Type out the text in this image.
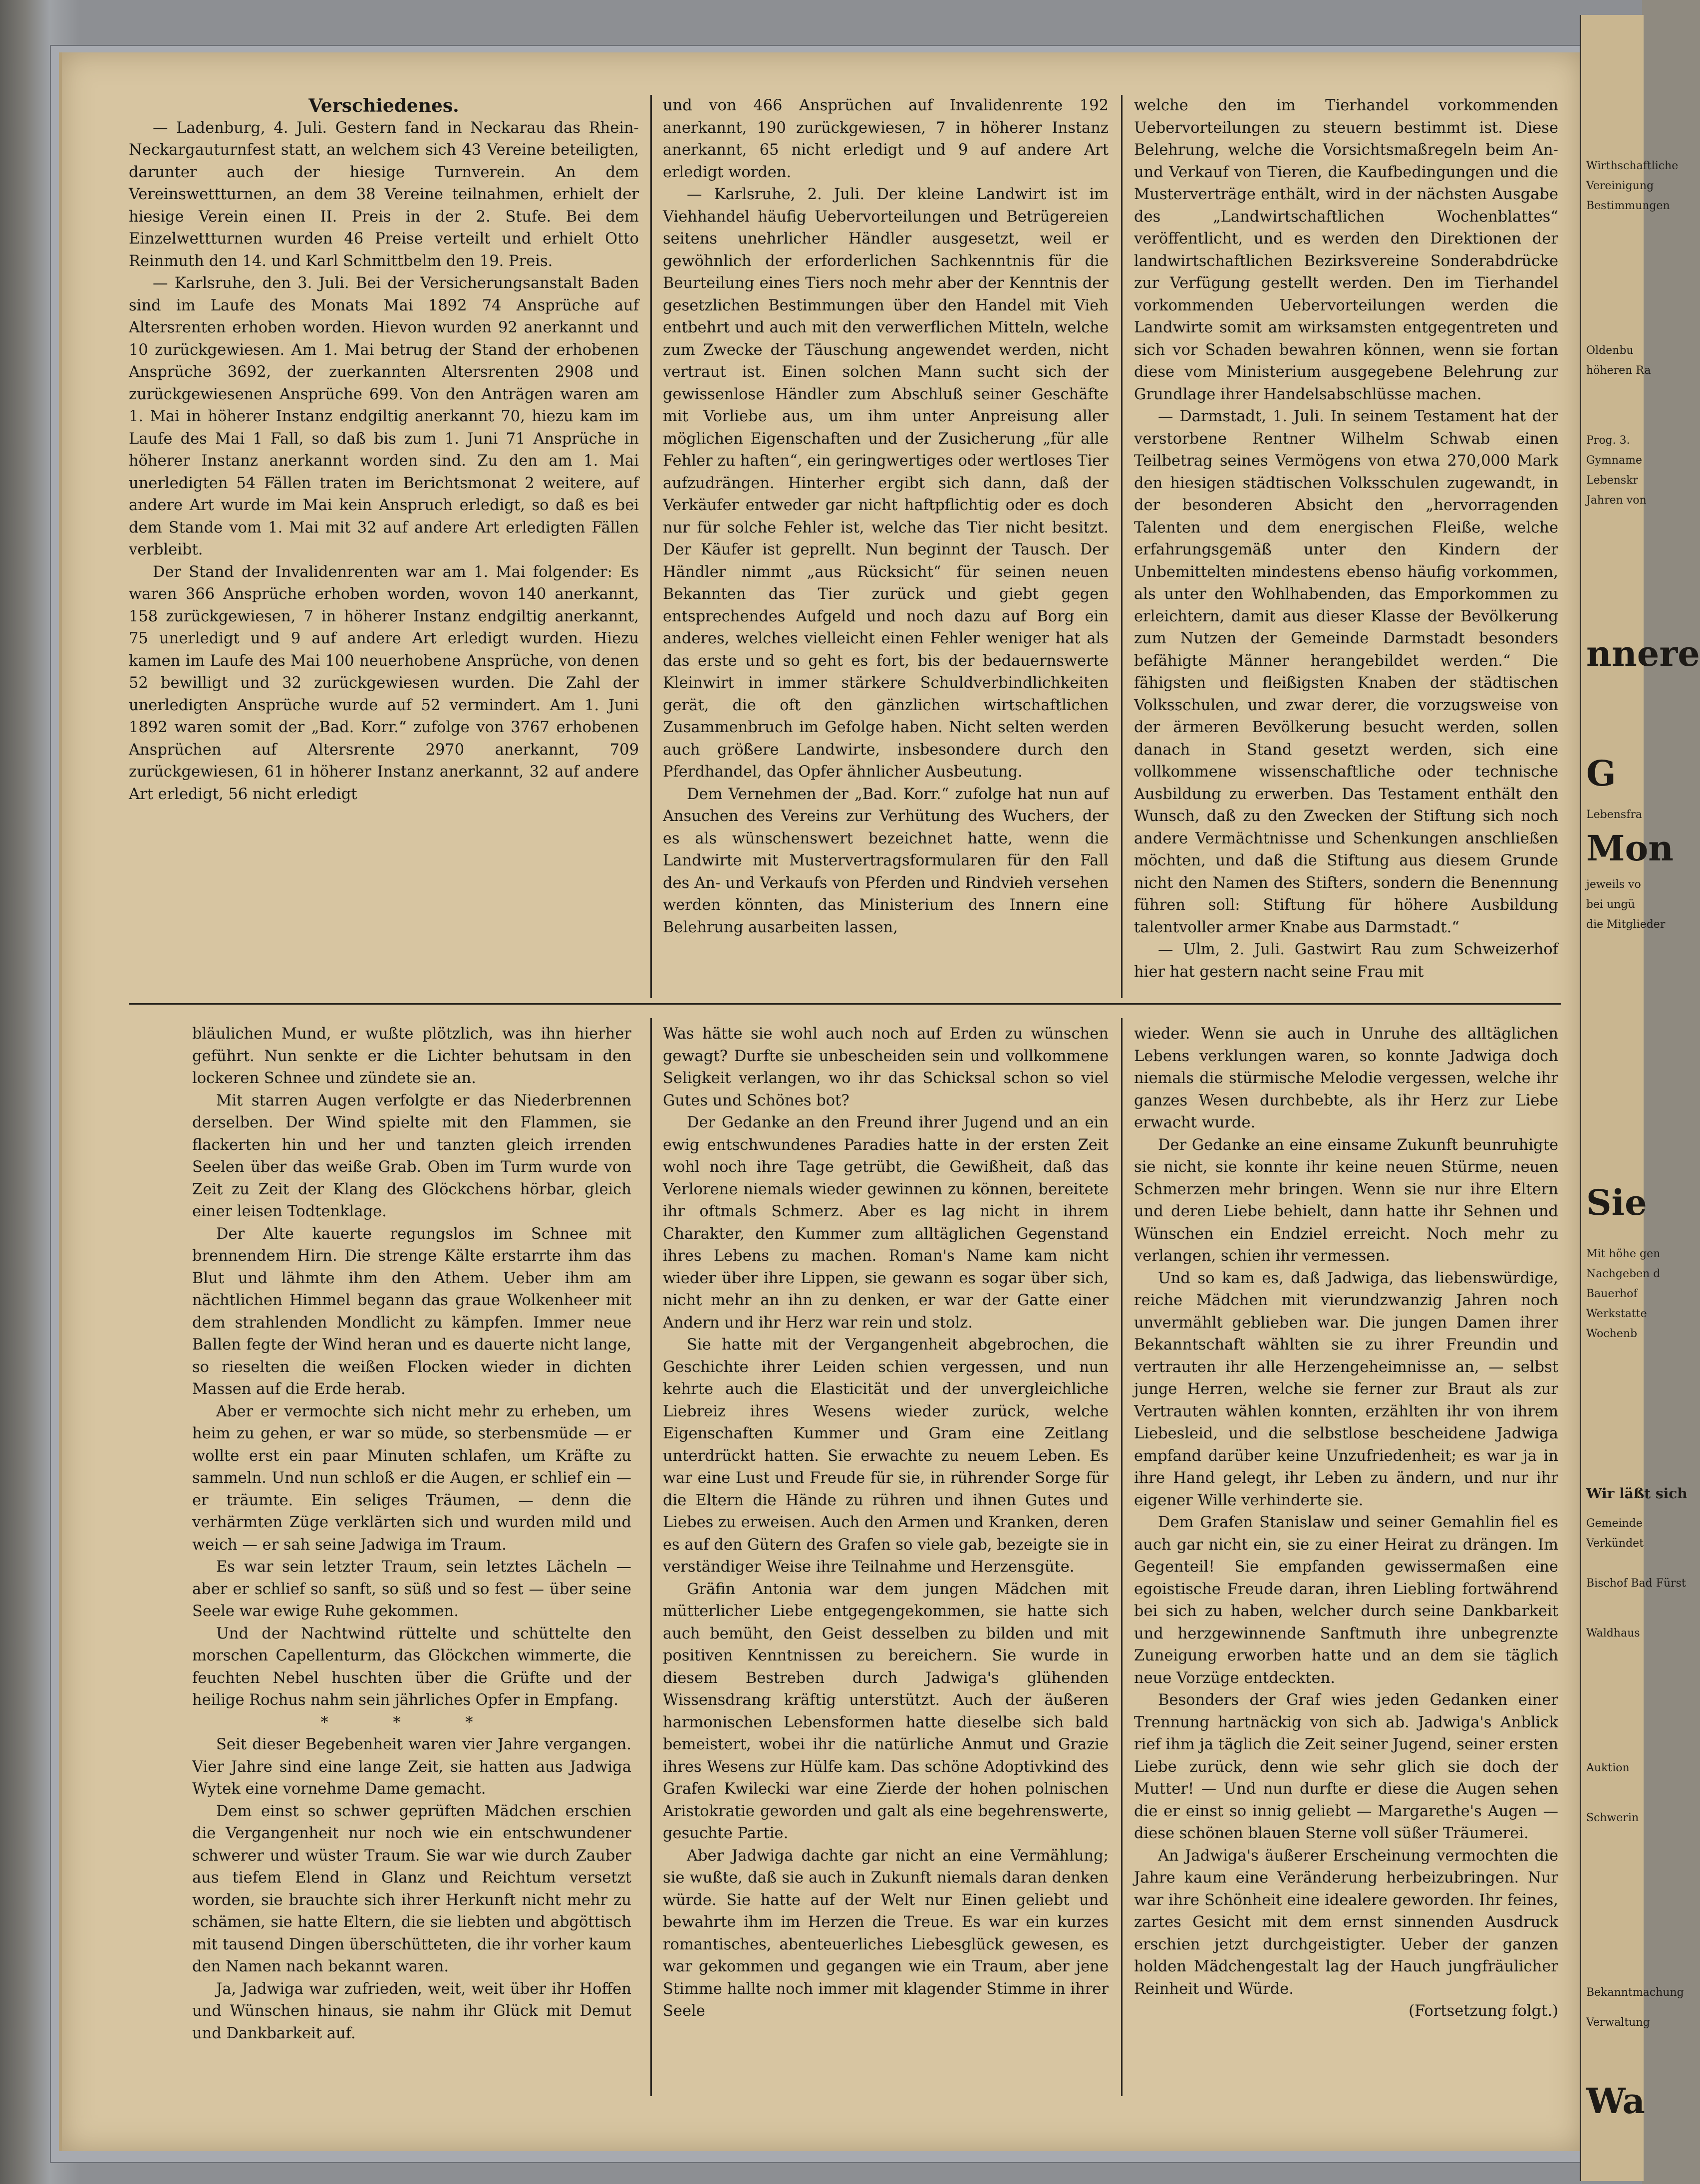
Verschiedenes.

— Ladenburg, 4. Juli. Gestern fand in Neckarau das Rhein-Neckargauturnfest statt, an welchem sich 43 Vereine beteiligten, darunter auch der hiesige Turnverein. An dem Vereinswettturnen, an dem 38 Vereine teilnahmen, erhielt der hiesige Verein einen II. Preis in der 2. Stufe. Bei dem Einzelwettturnen wurden 46 Preise verteilt und erhielt Otto Reinmuth den 14. und Karl Schmittbelm den 19. Preis.

— Karlsruhe, den 3. Juli. Bei der Versicherungsanstalt Baden sind im Laufe des Monats Mai 1892 74 Ansprüche auf Altersrenten erhoben worden. Hievon wurden 92 anerkannt und 10 zurückgewiesen. Am 1. Mai betrug der Stand der erhobenen Ansprüche 3692, der zuerkannten Altersrenten 2908 und zurückgewiesenen Ansprüche 699. Von den Anträgen waren am 1. Mai in höherer Instanz endgiltig anerkannt 70, hiezu kam im Laufe des Mai 1 Fall, so daß bis zum 1. Juni 71 Ansprüche in höherer Instanz anerkannt worden sind. Zu den am 1. Mai unerledigten 54 Fällen traten im Berichtsmonat 2 weitere, auf andere Art wurde im Mai kein Anspruch erledigt, so daß es bei dem Stande vom 1. Mai mit 32 auf andere Art erledigten Fällen verbleibt.

Der Stand der Invalidenrenten war am 1. Mai folgender: Es waren 366 Ansprüche erhoben worden, wovon 140 anerkannt, 158 zurückgewiesen, 7 in höherer Instanz endgiltig anerkannt, 75 unerledigt und 9 auf andere Art erledigt wurden. Hiezu kamen im Laufe des Mai 100 neuerhobene Ansprüche, von denen 52 bewilligt und 32 zurückgewiesen wurden. Die Zahl der unerledigten Ansprüche wurde auf 52 vermindert. Am 1. Juni 1892 waren somit der „Bad. Korr.“ zufolge von 3767 erhobenen Ansprüchen auf Altersrente 2970 anerkannt, 709 zurückgewiesen, 61 in höherer Instanz anerkannt, 32 auf andere Art erledigt, 56 nicht erledigt

und von 466 Ansprüchen auf Invalidenrente 192 anerkannt, 190 zurückgewiesen, 7 in höherer Instanz anerkannt, 65 nicht erledigt und 9 auf andere Art erledigt worden.

— Karlsruhe, 2. Juli. Der kleine Landwirt ist im Viehhandel häufig Uebervorteilungen und Betrügereien seitens unehrlicher Händler ausgesetzt, weil er gewöhnlich der erforderlichen Sachkenntnis für die Beurteilung eines Tiers noch mehr aber der Kenntnis der gesetzlichen Bestimmungen über den Handel mit Vieh entbehrt und auch mit den verwerflichen Mitteln, welche zum Zwecke der Täuschung angewendet werden, nicht vertraut ist. Einen solchen Mann sucht sich der gewissenlose Händler zum Abschluß seiner Geschäfte mit Vorliebe aus, um ihm unter Anpreisung aller möglichen Eigenschaften und der Zusicherung „für alle Fehler zu haften“, ein geringwertiges oder wertloses Tier aufzudrängen. Hinterher ergibt sich dann, daß der Verkäufer entweder gar nicht haftpflichtig oder es doch nur für solche Fehler ist, welche das Tier nicht besitzt. Der Käufer ist geprellt. Nun beginnt der Tausch. Der Händler nimmt „aus Rücksicht“ für seinen neuen Bekannten das Tier zurück und giebt gegen entsprechendes Aufgeld und noch dazu auf Borg ein anderes, welches vielleicht einen Fehler weniger hat als das erste und so geht es fort, bis der bedauernswerte Kleinwirt in immer stärkere Schuldverbindlichkeiten gerät, die oft den gänzlichen wirtschaftlichen Zusammenbruch im Gefolge haben. Nicht selten werden auch größere Landwirte, insbesondere durch den Pferdhandel, das Opfer ähnlicher Ausbeutung.

Dem Vernehmen der „Bad. Korr.“ zufolge hat nun auf Ansuchen des Vereins zur Verhütung des Wuchers, der es als wünschenswert bezeichnet hatte, wenn die Landwirte mit Mustervertragsformularen für den Fall des An- und Verkaufs von Pferden und Rindvieh versehen werden könnten, das Ministerium des Innern eine Belehrung ausarbeiten lassen,

welche den im Tierhandel vorkommenden Uebervorteilungen zu steuern bestimmt ist. Diese Belehrung, welche die Vorsichtsmaßregeln beim An- und Verkauf von Tieren, die Kaufbedingungen und die Musterverträge enthält, wird in der nächsten Ausgabe des „Landwirtschaftlichen Wochenblattes“ veröffentlicht, und es werden den Direktionen der landwirtschaftlichen Bezirksvereine Sonderabdrücke zur Verfügung gestellt werden. Den im Tierhandel vorkommenden Uebervorteilungen werden die Landwirte somit am wirksamsten entgegentreten und sich vor Schaden bewahren können, wenn sie fortan diese vom Ministerium ausgegebene Belehrung zur Grundlage ihrer Handelsabschlüsse machen.

— Darmstadt, 1. Juli. In seinem Testament hat der verstorbene Rentner Wilhelm Schwab einen Teilbetrag seines Vermögens von etwa 270,000 Mark den hiesigen städtischen Volksschulen zugewandt, in der besonderen Absicht den „hervorragenden Talenten und dem energischen Fleiße, welche erfahrungsgemäß unter den Kindern der Unbemittelten mindestens ebenso häufig vorkommen, als unter den Wohlhabenden, das Emporkommen zu erleichtern, damit aus dieser Klasse der Bevölkerung zum Nutzen der Gemeinde Darmstadt besonders befähigte Männer herangebildet werden.“ Die fähigsten und fleißigsten Knaben der städtischen Volksschulen, und zwar derer, die vorzugsweise von der ärmeren Bevölkerung besucht werden, sollen danach in Stand gesetzt werden, sich eine vollkommene wissenschaftliche oder technische Ausbildung zu erwerben. Das Testament enthält den Wunsch, daß zu den Zwecken der Stiftung sich noch andere Vermächtnisse und Schenkungen anschließen möchten, und daß die Stiftung aus diesem Grunde nicht den Namen des Stifters, sondern die Benennung führen soll: Stiftung für höhere Ausbildung talentvoller armer Knabe aus Darmstadt.“

— Ulm, 2. Juli. Gastwirt Rau zum Schweizerhof hier hat gestern nacht seine Frau mit

bläulichen Mund, er wußte plötzlich, was ihn hierher geführt. Nun senkte er die Lichter behutsam in den lockeren Schnee und zündete sie an.

Mit starren Augen verfolgte er das Niederbrennen derselben. Der Wind spielte mit den Flammen, sie flackerten hin und her und tanzten gleich irrenden Seelen über das weiße Grab. Oben im Turm wurde von Zeit zu Zeit der Klang des Glöckchens hörbar, gleich einer leisen Todtenklage.

Der Alte kauerte regungslos im Schnee mit brennendem Hirn. Die strenge Kälte erstarrte ihm das Blut und lähmte ihm den Athem. Ueber ihm am nächtlichen Himmel begann das graue Wolkenheer mit dem strahlenden Mondlicht zu kämpfen. Immer neue Ballen fegte der Wind heran und es dauerte nicht lange, so rieselten die weißen Flocken wieder in dichten Massen auf die Erde herab.

Aber er vermochte sich nicht mehr zu erheben, um heim zu gehen, er war so müde, so sterbensmüde — er wollte erst ein paar Minuten schlafen, um Kräfte zu sammeln. Und nun schloß er die Augen, er schlief ein — er träumte. Ein seliges Träumen, — denn die verhärmten Züge verklärten sich und wurden mild und weich — er sah seine Jadwiga im Traum.

Es war sein letzter Traum, sein letztes Lächeln — aber er schlief so sanft, so süß und so fest — über seine Seele war ewige Ruhe gekommen.

Und der Nachtwind rüttelte und schüttelte den morschen Capellenturm, das Glöckchen wimmerte, die feuchten Nebel huschten über die Grüfte und der heilige Rochus nahm sein jährliches Opfer in Empfang.

* * *

Seit dieser Begebenheit waren vier Jahre vergangen. Vier Jahre sind eine lange Zeit, sie hatten aus Jadwiga Wytek eine vornehme Dame gemacht.

Dem einst so schwer geprüften Mädchen erschien die Vergangenheit nur noch wie ein entschwundener schwerer und wüster Traum. Sie war wie durch Zauber aus tiefem Elend in Glanz und Reichtum versetzt worden, sie brauchte sich ihrer Herkunft nicht mehr zu schämen, sie hatte Eltern, die sie liebten und abgöttisch mit tausend Dingen überschütteten, die ihr vorher kaum den Namen nach bekannt waren.

Ja, Jadwiga war zufrieden, weit, weit über ihr Hoffen und Wünschen hinaus, sie nahm ihr Glück mit Demut und Dankbarkeit auf.

Was hätte sie wohl auch noch auf Erden zu wünschen gewagt? Durfte sie unbescheiden sein und vollkommene Seligkeit verlangen, wo ihr das Schicksal schon so viel Gutes und Schönes bot?

Der Gedanke an den Freund ihrer Jugend und an ein ewig entschwundenes Paradies hatte in der ersten Zeit wohl noch ihre Tage getrübt, die Gewißheit, daß das Verlorene niemals wieder gewinnen zu können, bereitete ihr oftmals Schmerz. Aber es lag nicht in ihrem Charakter, den Kummer zum alltäglichen Gegenstand ihres Lebens zu machen. Roman's Name kam nicht wieder über ihre Lippen, sie gewann es sogar über sich, nicht mehr an ihn zu denken, er war der Gatte einer Andern und ihr Herz war rein und stolz.

Sie hatte mit der Vergangenheit abgebrochen, die Geschichte ihrer Leiden schien vergessen, und nun kehrte auch die Elasticität und der unvergleichliche Liebreiz ihres Wesens wieder zurück, welche Eigenschaften Kummer und Gram eine Zeitlang unterdrückt hatten. Sie erwachte zu neuem Leben. Es war eine Lust und Freude für sie, in rührender Sorge für die Eltern die Hände zu rühren und ihnen Gutes und Liebes zu erweisen. Auch den Armen und Kranken, deren es auf den Gütern des Grafen so viele gab, bezeigte sie in verständiger Weise ihre Teilnahme und Herzensgüte.

Gräfin Antonia war dem jungen Mädchen mit mütterlicher Liebe entgegengekommen, sie hatte sich auch bemüht, den Geist desselben zu bilden und mit positiven Kenntnissen zu bereichern. Sie wurde in diesem Bestreben durch Jadwiga's glühenden Wissensdrang kräftig unterstützt. Auch der äußeren harmonischen Lebensformen hatte dieselbe sich bald bemeistert, wobei ihr die natürliche Anmut und Grazie ihres Wesens zur Hülfe kam. Das schöne Adoptivkind des Grafen Kwilecki war eine Zierde der hohen polnischen Aristokratie geworden und galt als eine begehrenswerte, gesuchte Partie.

Aber Jadwiga dachte gar nicht an eine Vermählung; sie wußte, daß sie auch in Zukunft niemals daran denken würde. Sie hatte auf der Welt nur Einen geliebt und bewahrte ihm im Herzen die Treue. Es war ein kurzes romantisches, abenteuerliches Liebesglück gewesen, es war gekommen und gegangen wie ein Traum, aber jene Stimme hallte noch immer mit klagender Stimme in ihrer Seele

wieder. Wenn sie auch in Unruhe des alltäglichen Lebens verklungen waren, so konnte Jadwiga doch niemals die stürmische Melodie vergessen, welche ihr ganzes Wesen durchbebte, als ihr Herz zur Liebe erwacht wurde.

Der Gedanke an eine einsame Zukunft beunruhigte sie nicht, sie konnte ihr keine neuen Stürme, neuen Schmerzen mehr bringen. Wenn sie nur ihre Eltern und deren Liebe behielt, dann hatte ihr Sehnen und Wünschen ein Endziel erreicht. Noch mehr zu verlangen, schien ihr vermessen.

Und so kam es, daß Jadwiga, das liebenswürdige, reiche Mädchen mit vierundzwanzig Jahren noch unvermählt geblieben war. Die jungen Damen ihrer Bekanntschaft wählten sie zu ihrer Freundin und vertrauten ihr alle Herzengeheimnisse an, — selbst junge Herren, welche sie ferner zur Braut als zur Vertrauten wählen konnten, erzählten ihr von ihrem Liebesleid, und die selbstlose bescheidene Jadwiga empfand darüber keine Unzufriedenheit; es war ja in ihre Hand gelegt, ihr Leben zu ändern, und nur ihr eigener Wille verhinderte sie.

Dem Grafen Stanislaw und seiner Gemahlin fiel es auch gar nicht ein, sie zu einer Heirat zu drängen. Im Gegenteil! Sie empfanden gewissermaßen eine egoistische Freude daran, ihren Liebling fortwährend bei sich zu haben, welcher durch seine Dankbarkeit und herzgewinnende Sanftmuth ihre unbegrenzte Zuneigung erworben hatte und an dem sie täglich neue Vorzüge entdeckten.

Besonders der Graf wies jeden Gedanken einer Trennung hartnäckig von sich ab. Jadwiga's Anblick rief ihm ja täglich die Zeit seiner Jugend, seiner ersten Liebe zurück, denn wie sehr glich sie doch der Mutter! — Und nun durfte er diese die Augen sehen die er einst so innig geliebt — Margarethe's Augen — diese schönen blauen Sterne voll süßer Träumerei.

An Jadwiga's äußerer Erscheinung vermochten die Jahre kaum eine Veränderung herbeizubringen. Nur war ihre Schönheit eine idealere geworden. Ihr feines, zartes Gesicht mit dem ernst sinnenden Ausdruck erschien jetzt durchgeistigter. Ueber der ganzen holden Mädchengestalt lag der Hauch jungfräulicher Reinheit und Würde.

(Fortsetzung folgt.)

Wirthschaftliche
Vereinigung
Bestimmungen
Oldenbu
höheren Ra
Prog. 3.
Gymname
Lebenskr
Jahren von
nnere
G
Lebensfra
Mon
jeweils vo
bei ungü
die Mitglieder
Sie
Mit höhe gen
Nachgeben d
Bauerhof
Werkstatte
Wochenb
Wir läßt sich
Gemeinde
Verkündet
Bischof Bad Fürst
Waldhaus
Auktion
Schwerin
Bekanntmachung
Verwaltung
Wa
